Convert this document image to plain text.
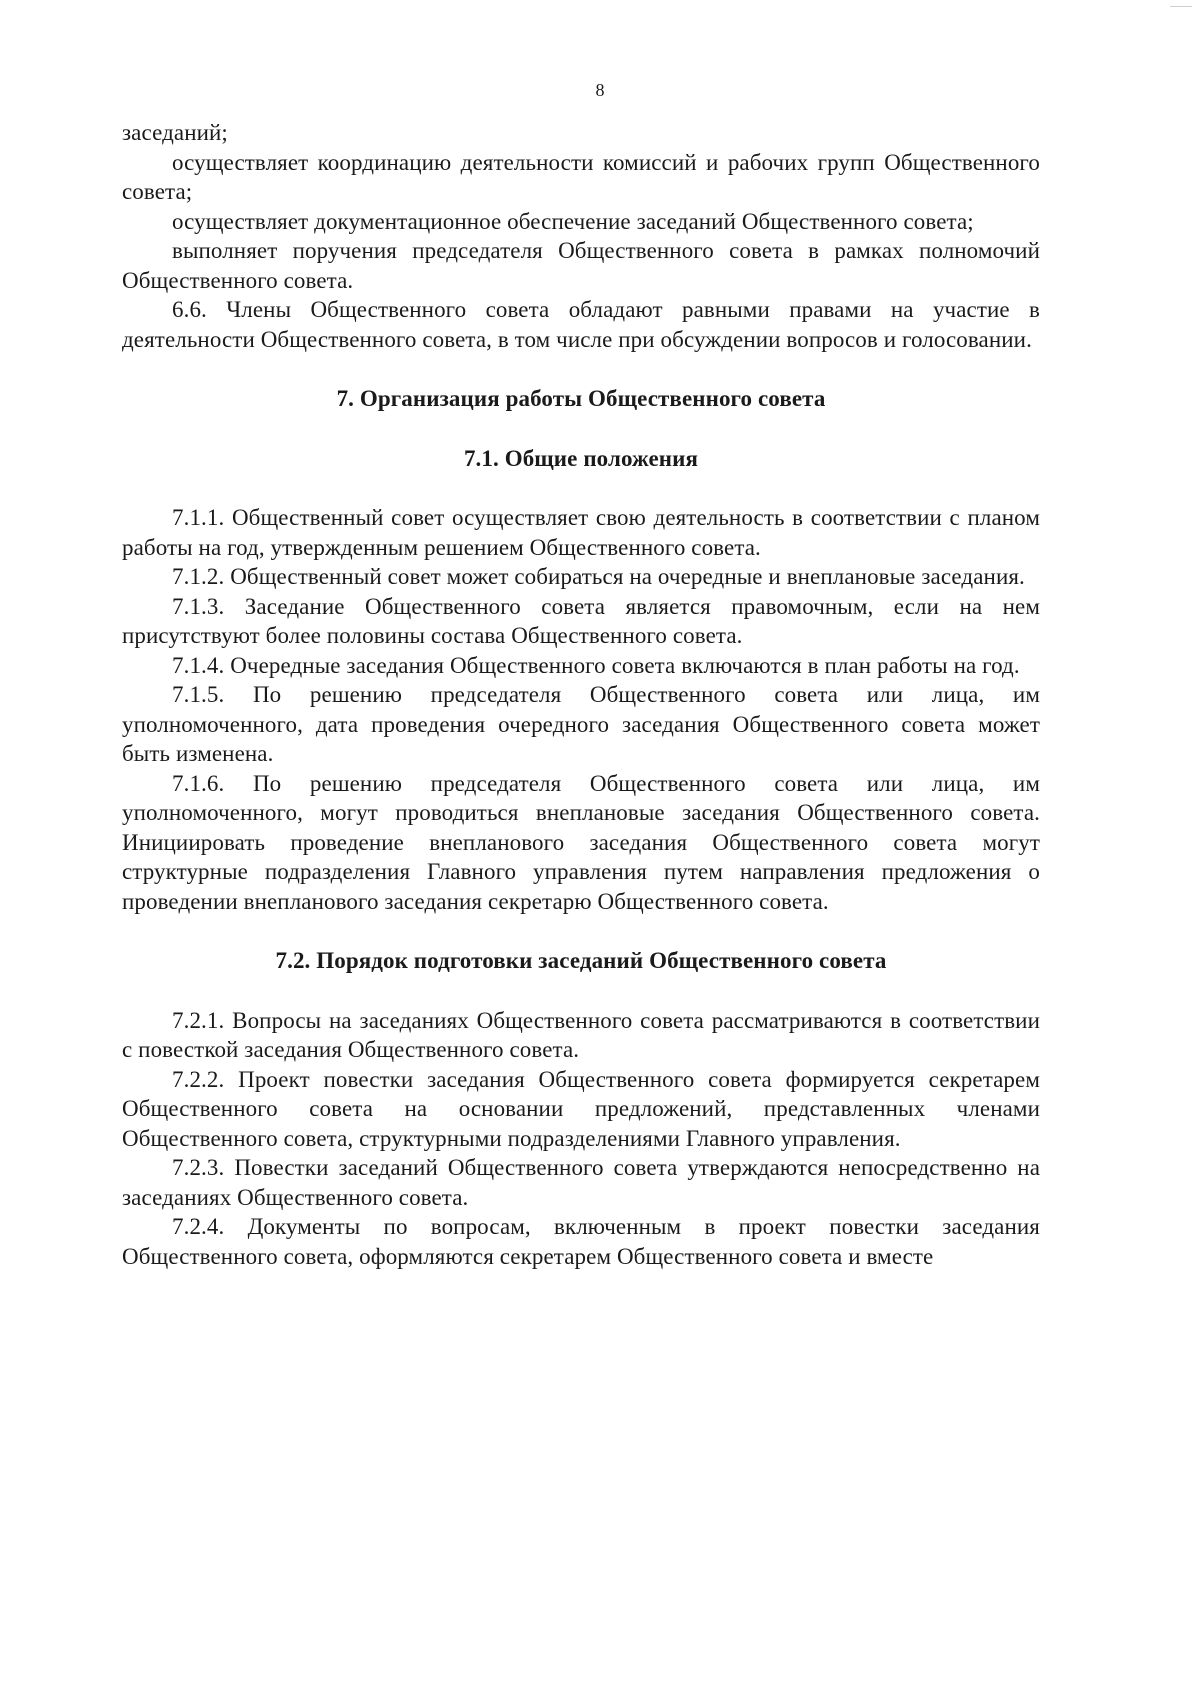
8

заседаний;

осуществляет координацию деятельности комиссий и рабочих групп Общественного совета;

осуществляет документационное обеспечение заседаний Общественного совета;

выполняет поручения председателя Общественного совета в рамках полномочий Общественного совета.

6.6. Члены Общественного совета обладают равными правами на участие в деятельности Общественного совета, в том числе при обсуждении вопросов и голосовании.

7. Организация работы Общественного совета
7.1. Общие положения

7.1.1. Общественный совет осуществляет свою деятельность в соответствии с планом работы на год, утвержденным решением Общественного совета.

7.1.2. Общественный совет может собираться на очередные и внеплановые заседания.

7.1.3. Заседание Общественного совета является правомочным, если на нем присутствуют более половины состава Общественного совета.

7.1.4. Очередные заседания Общественного совета включаются в план работы на год.

7.1.5. По решению председателя Общественного совета или лица, им уполномоченного, дата проведения очередного заседания Общественного совета может быть изменена.

7.1.6. По решению председателя Общественного совета или лица, им уполномоченного, могут проводиться внеплановые заседания Общественного совета. Инициировать проведение внепланового заседания Общественного совета могут структурные подразделения Главного управления путем направления предложения о проведении внепланового заседания секретарю Общественного совета.

7.2. Порядок подготовки заседаний Общественного совета

7.2.1. Вопросы на заседаниях Общественного совета рассматриваются в соответствии с повесткой заседания Общественного совета.

7.2.2. Проект повестки заседания Общественного совета формируется секретарем Общественного совета на основании предложений, представленных членами Общественного совета, структурными подразделениями Главного управления.

7.2.3. Повестки заседаний Общественного совета утверждаются непосредственно на заседаниях Общественного совета.

7.2.4. Документы по вопросам, включенным в проект повестки заседания Общественного совета, оформляются секретарем Общественного совета и вместе
